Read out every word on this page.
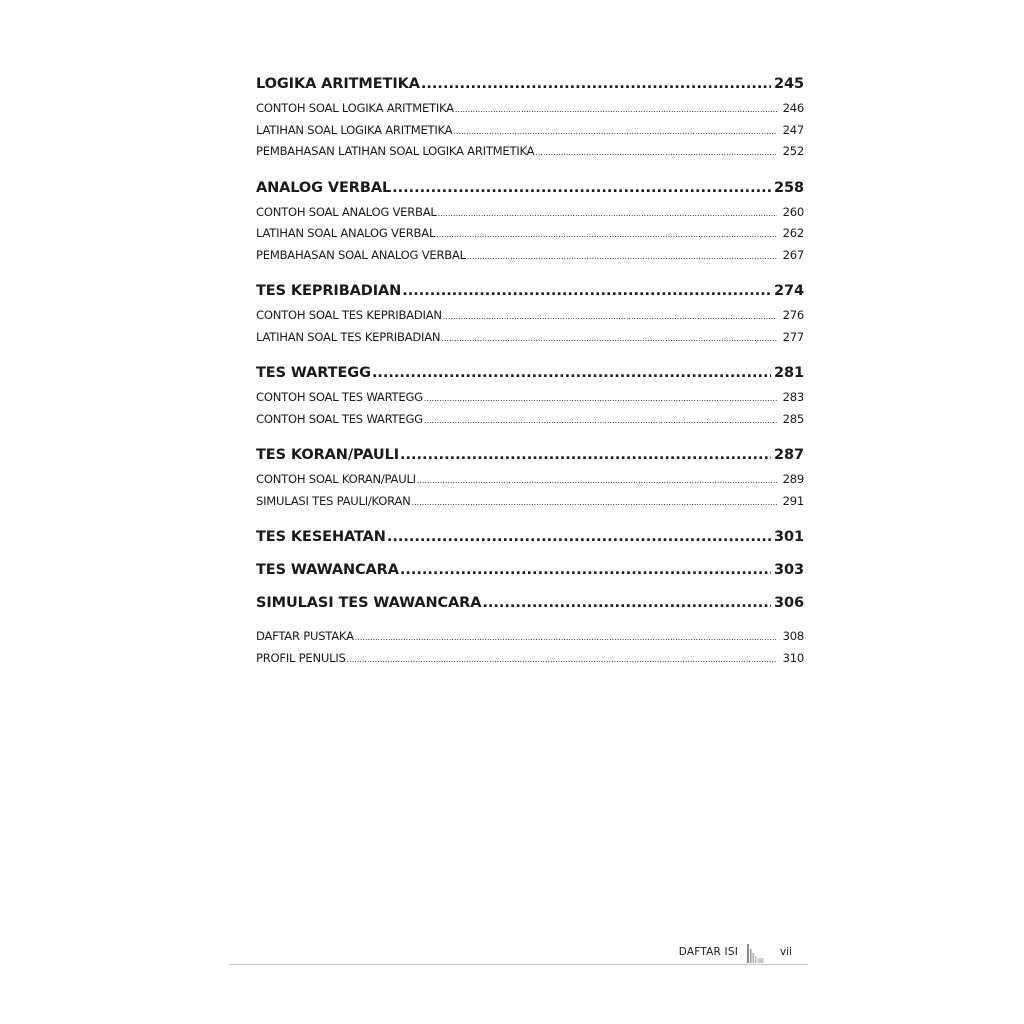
LOGIKA ARITMETIKA .....	245
CONTOH SOAL LOGIKA ARITMETIKA .....	246
LATIHAN SOAL LOGIKA ARITMETIKA .....	247
PEMBAHASAN LATIHAN SOAL LOGIKA ARITMETIKA .....	252
ANALOG VERBAL .....	258
CONTOH SOAL ANALOG VERBAL .....	260
LATIHAN SOAL ANALOG VERBAL .....	262
PEMBAHASAN SOAL ANALOG VERBAL .....	267
TES KEPRIBADIAN .....	274
CONTOH SOAL TES KEPRIBADIAN .....	276
LATIHAN SOAL TES KEPRIBADIAN .....	277
TES WARTEGG .....	281
CONTOH SOAL TES WARTEGG .....	283
CONTOH SOAL TES WARTEGG .....	285
TES KORAN/PAULI .....	287
CONTOH SOAL KORAN/PAULI .....	289
SIMULASI TES PAULI/KORAN .....	291
TES KESEHATAN .....	301
TES WAWANCARA .....	303
SIMULASI TES WAWANCARA .....	306
DAFTAR PUSTAKA .....	308
PROFIL PENULIS .....	310
DAFTAR ISI	vii
